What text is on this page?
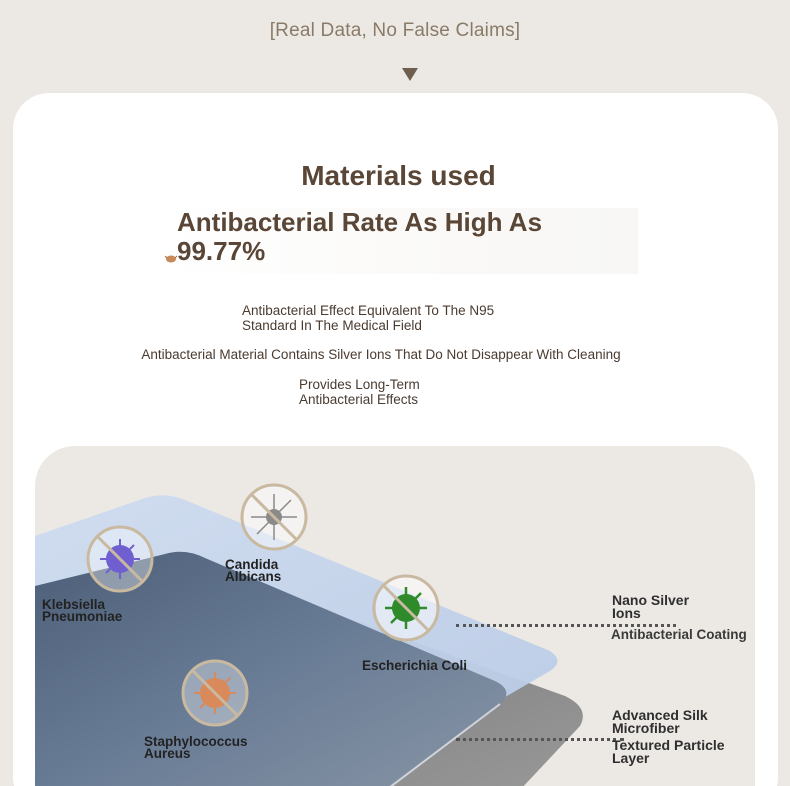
[Real Data, No False Claims]
Materials used
Antibacterial Rate As High As
99.77%
Antibacterial Effect Equivalent To The N95
Standard In The Medical Field
Antibacterial Material Contains Silver Ions That Do Not Disappear With Cleaning
Provides Long-Term
Antibacterial Effects
Klebsiella
Pneumoniae
Candida
Albicans
Escherichia Coli
Staphylococcus
Aureus
Nano Silver
Ions
Antibacterial Coating
Advanced Silk
Microfiber
Textured Particle
Layer
